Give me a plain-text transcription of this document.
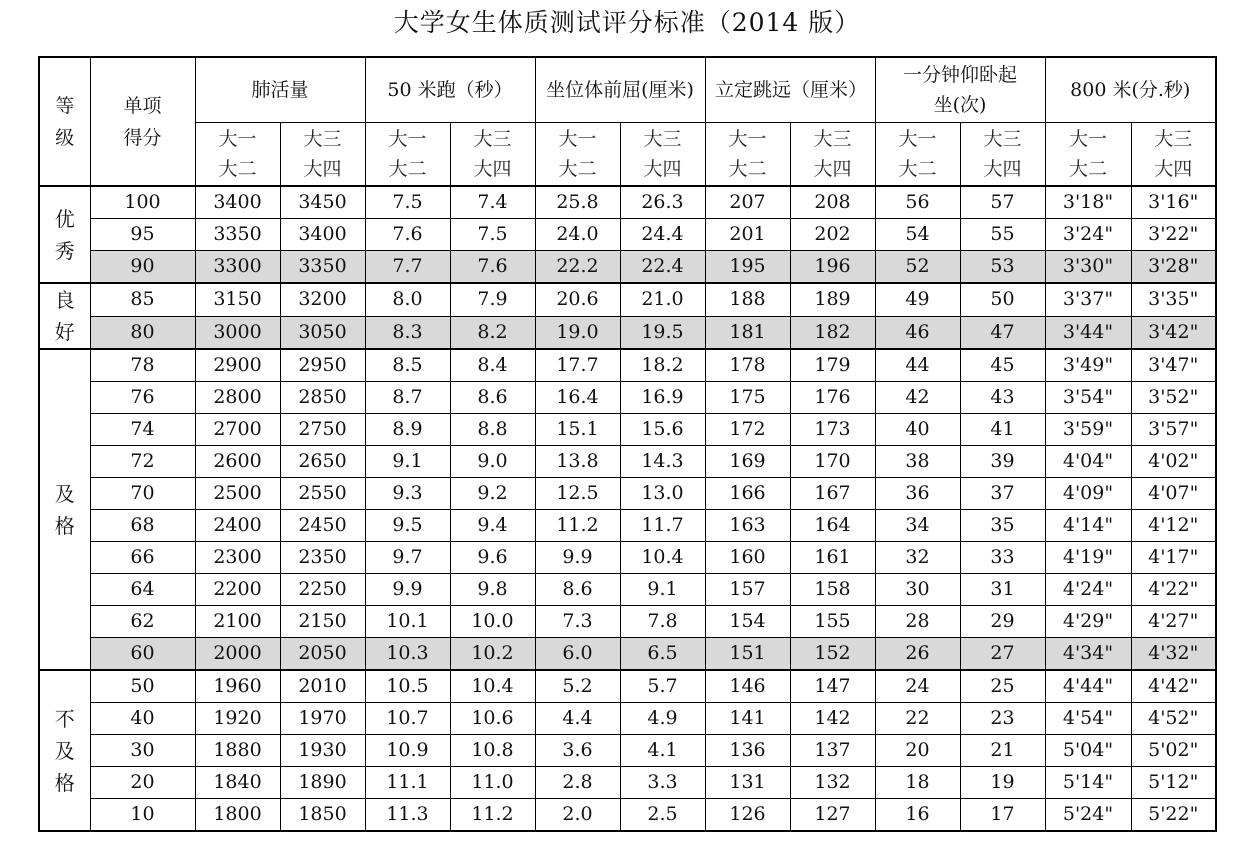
大学女生体质测试评分标准（2014 版）
等级	单项得分	肺活量		50 米跑（秒）		坐位体前屈(厘米)		立定跳远（厘米）		一分钟仰卧起坐(次)		800 米(分.秒)	
		大一大二	大三大四	大一大二	大三大四	大一大二	大三大四	大一大二	大三大四	大一大二	大三大四	大一大二	大三大四
优秀	100	3400	3450	7.5	7.4	25.8	26.3	207	208	56	57	3'18"	3'16"
	95	3350	3400	7.6	7.5	24.0	24.4	201	202	54	55	3'24"	3'22"
	90	3300	3350	7.7	7.6	22.2	22.4	195	196	52	53	3'30"	3'28"
良好	85	3150	3200	8.0	7.9	20.6	21.0	188	189	49	50	3'37"	3'35"
	80	3000	3050	8.3	8.2	19.0	19.5	181	182	46	47	3'44"	3'42"
及格	78	2900	2950	8.5	8.4	17.7	18.2	178	179	44	45	3'49"	3'47"
	76	2800	2850	8.7	8.6	16.4	16.9	175	176	42	43	3'54"	3'52"
	74	2700	2750	8.9	8.8	15.1	15.6	172	173	40	41	3'59"	3'57"
	72	2600	2650	9.1	9.0	13.8	14.3	169	170	38	39	4'04"	4'02"
	70	2500	2550	9.3	9.2	12.5	13.0	166	167	36	37	4'09"	4'07"
	68	2400	2450	9.5	9.4	11.2	11.7	163	164	34	35	4'14"	4'12"
	66	2300	2350	9.7	9.6	9.9	10.4	160	161	32	33	4'19"	4'17"
	64	2200	2250	9.9	9.8	8.6	9.1	157	158	30	31	4'24"	4'22"
	62	2100	2150	10.1	10.0	7.3	7.8	154	155	28	29	4'29"	4'27"
	60	2000	2050	10.3	10.2	6.0	6.5	151	152	26	27	4'34"	4'32"
不及格	50	1960	2010	10.5	10.4	5.2	5.7	146	147	24	25	4'44"	4'42"
	40	1920	1970	10.7	10.6	4.4	4.9	141	142	22	23	4'54"	4'52"
	30	1880	1930	10.9	10.8	3.6	4.1	136	137	20	21	5'04"	5'02"
	20	1840	1890	11.1	11.0	2.8	3.3	131	132	18	19	5'14"	5'12"
	10	1800	1850	11.3	11.2	2.0	2.5	126	127	16	17	5'24"	5'22"
